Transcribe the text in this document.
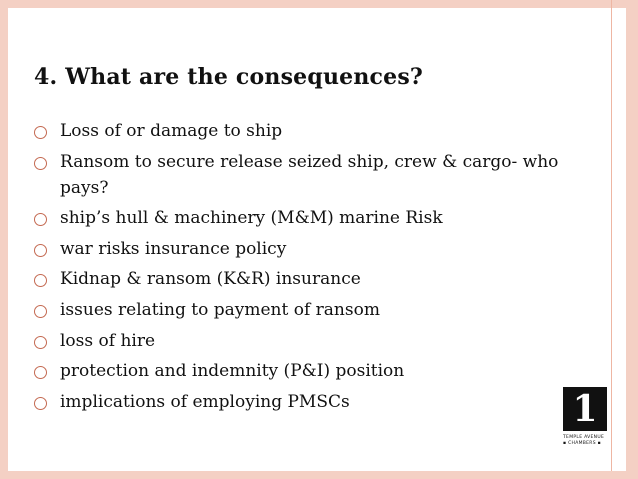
4. What are the consequences?
Loss of or damage to ship
Ransom to secure release seized ship, crew & cargo- who pays?
ship’s hull & machinery (M&M) marine Risk
war risks insurance policy
Kidnap & ransom (K&R) insurance
issues relating to payment of ransom
loss of hire
protection and indemnity (P&I) position
implications of employing PMSCs	1
TEMPLE AVENUE
▪ CHAMBERS ▪
